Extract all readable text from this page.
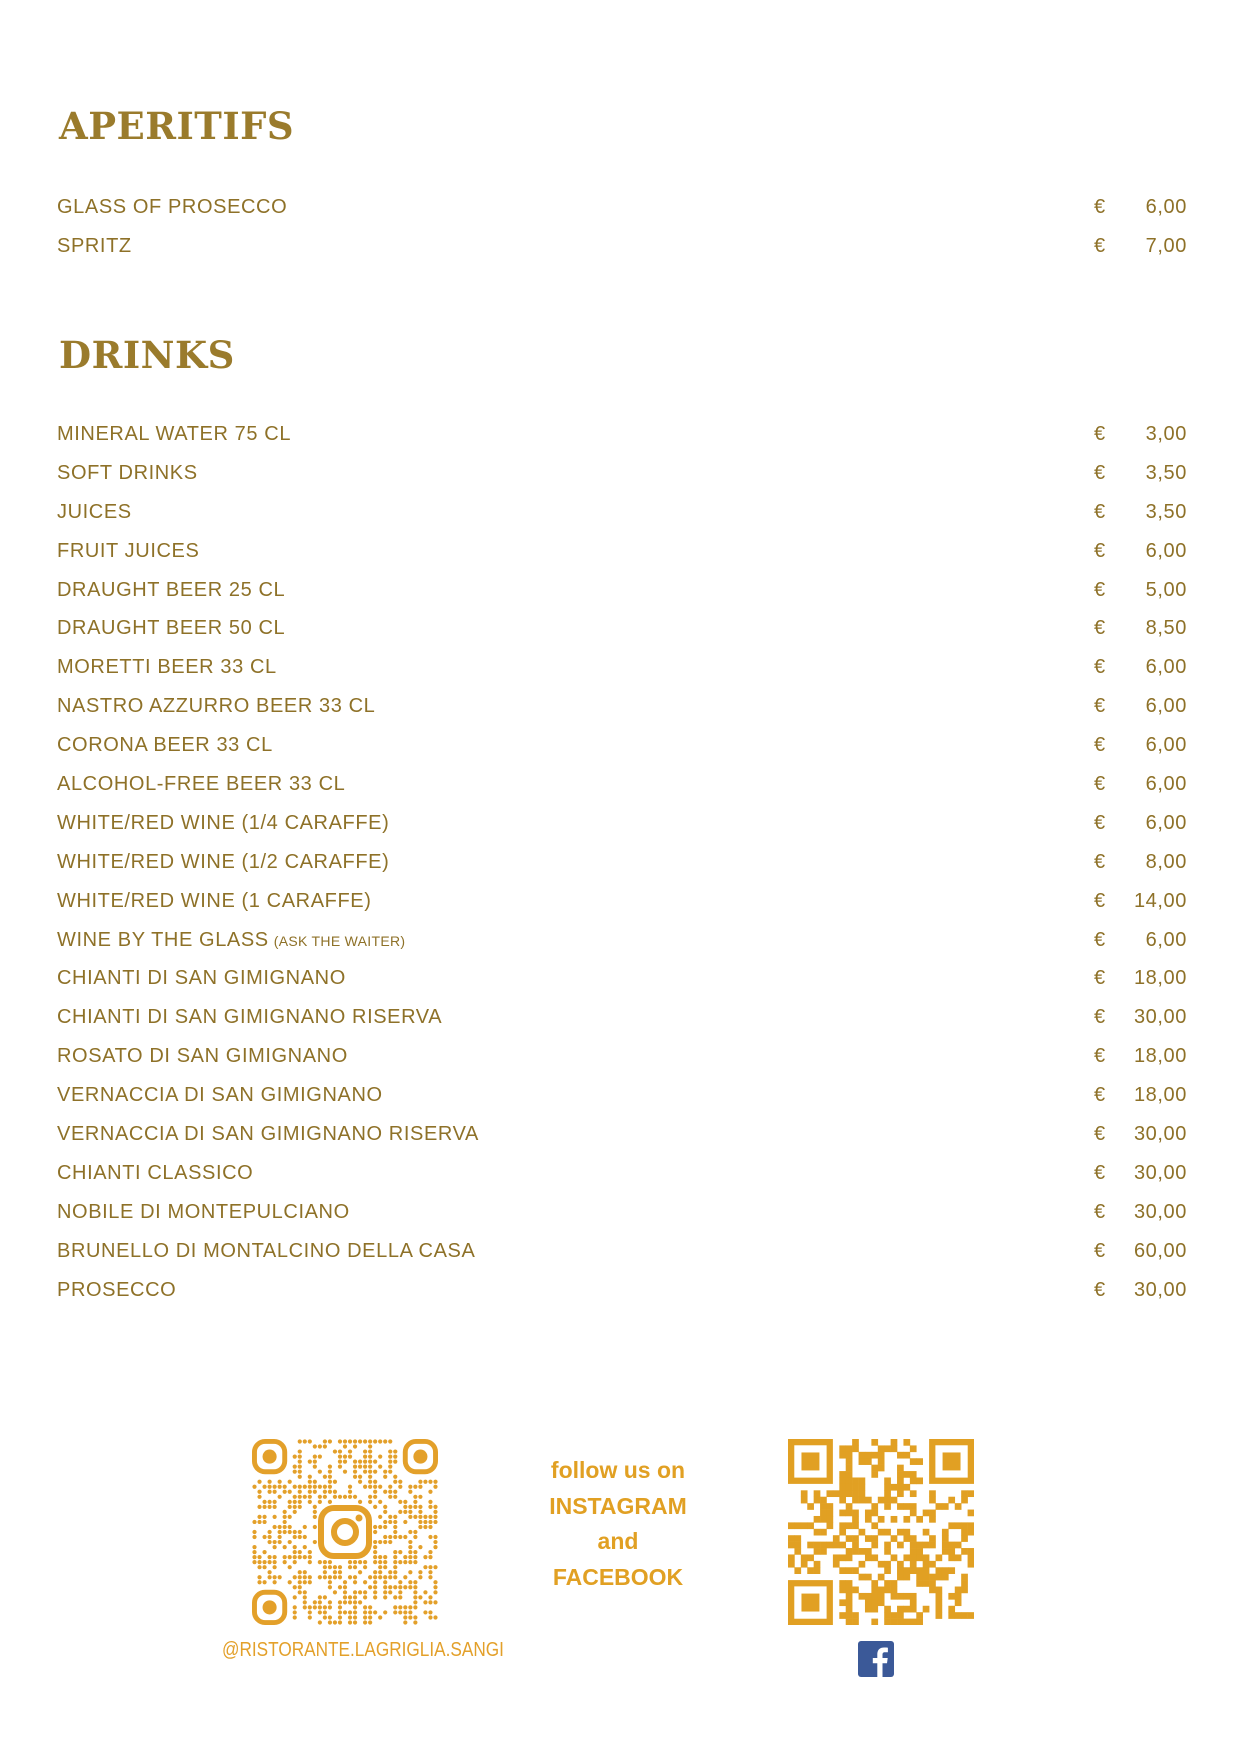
APERITIFS
GLASS OF PROSECCO	€ 6,00
SPRITZ	€ 7,00
DRINKS
MINERAL WATER 75 CL	€ 3,00
SOFT DRINKS	€ 3,50
JUICES	€ 3,50
FRUIT JUICES	€ 6,00
DRAUGHT BEER 25 CL	€ 5,00
DRAUGHT BEER 50 CL	€ 8,50
MORETTI BEER 33 CL	€ 6,00
NASTRO AZZURRO BEER 33 CL	€ 6,00
CORONA BEER 33 CL	€ 6,00
ALCOHOL-FREE BEER 33 CL	€ 6,00
WHITE/RED WINE (1/4 CARAFFE)	€ 6,00
WHITE/RED WINE (1/2 CARAFFE)	€ 8,00
WHITE/RED WINE (1 CARAFFE)	€ 14,00
WINE BY THE GLASS (ASK THE WAITER)	€ 6,00
CHIANTI DI SAN GIMIGNANO	€ 18,00
CHIANTI DI SAN GIMIGNANO RISERVA	€ 30,00
ROSATO DI SAN GIMIGNANO	€ 18,00
VERNACCIA DI SAN GIMIGNANO	€ 18,00
VERNACCIA DI SAN GIMIGNANO RISERVA	€ 30,00
CHIANTI CLASSICO	€ 30,00
NOBILE DI MONTEPULCIANO	€ 30,00
BRUNELLO DI MONTALCINO DELLA CASA	€ 60,00
PROSECCO	€ 30,00
follow us on
INSTAGRAM
and
FACEBOOK
@RISTORANTE.LAGRIGLIA.SANGI
